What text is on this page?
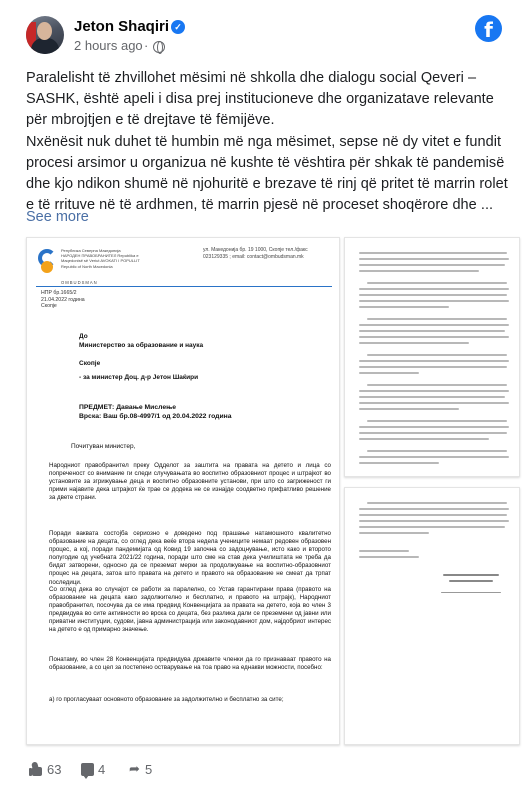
Jeton Shaqiri ✓
2 hours ago ·
f
Paralelisht të zhvillohet mësimi në shkolla dhe dialogu social Qeveri – SASHK, është apeli i disa prej institucioneve dhe organizatave relevante për mbrojtjen e të drejtave të fëmijëve.
Nxënësit nuk duhet të humbin më nga mësimet, sepse në dy vitet e fundit procesi arsimor u organizua në kushte të vështira për shkak të pandemisë dhe kjo ndikon shumë në njohuritë e brezave të rinj që pritet të marrin rolet e të rrituve në të ardhmen, të marrin pjesë në proceset shoqërore dhe ...
See more
Република Северна Македонија НАРОДЕН ПРАВОБРАНИТЕЛ Republika e Maqedonisë së Veriut AVOKATI I POPULLIT Republic of North Macedonia
OMBUDSMAN
ул. Македонија бр. 19 1000, Скопје тел./факс 023129335 ; email: contact@ombudsman.mk
НПР бр.1665/2
21.04.2022 година
Скопје
До
Министерство за образование и наука
Скопје
- за министер Доц. д-р Јетон Шаќири
ПРЕДМЕТ: Давање Мислење
Врска: Ваш бр.08-4997/1 од 20.04.2022 година
Почитуван министер,
Народниот правобранител преку Одделот за заштита на правата на детето и лица со попреченост со внимание ги следи случувањата во воспитно образовниот процес и штрајкот во установите за згрижување деца и воспитно образовните установи, при што со загриженост ги прими најавите дека штрајкот ќе трае се додека не се изнајде соодветно прифатливо решение за двете страни.
Поради ваквата состојба сериозно е доведено под прашање натамошното квалитетно образование на децата, со оглед дека веќе втора недела учениците немаат редовен образовен процес, а кој, поради пандемијата од Ковид 19 започна со задоцнување, исто како и второто полугодие од учебната 2021/22 година, поради што сме на став дека училиштата не треба да бидат затворени, односно да се преземат мерки за продолжување на воспитно-образовниот процес на децата, затоа што правата на детето и правото на образование не смеат да трпат последици.
Со оглед дека во случајот се работи за паралелно, со Устав гарантирани права (правото на образование на децата како задолжително и бесплатно, и правото на штрајк), Народниот правобранител, посочува да се има предвид Конвенцијата за правата на детето, која во член 3 предвидува во сите активности во врска со децата, без разлика дали се преземени од јавни или приватни институции, судови, јавна администрација или законодавниот дом, најдобриот интерес на детето е од примарно значење.
Понатаму, во член 28 Конвенцијата предвидува државите членки да го признаваат правото на образование, а со цел за постепено остварување на тоа право на еднакви можности, посебно:
а) го прогласуваат основното образование за задолжително и бесплатно за сите;
63	4 ➦ 5
